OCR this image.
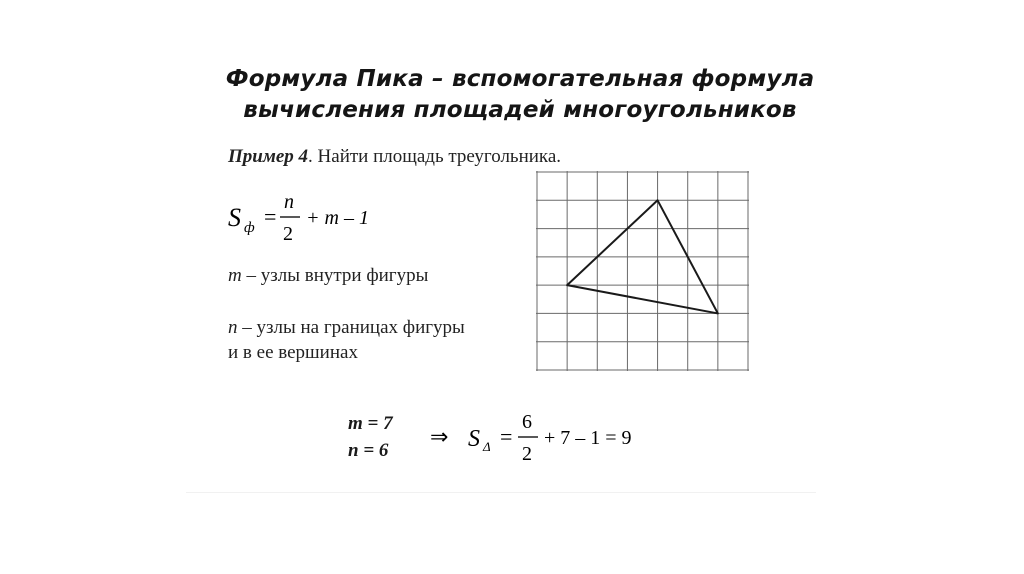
Формула Пика – вспомогательная формула
вычисления площадей многоугольников
Пример 4. Найти площадь треугольника.
S ф =
n
2
+ m – 1
m – узлы внутри фигуры
n – узлы на границах фигуры
и в ее вершинах
m = 7
n = 6
⇒ S Δ =
6
2
+ 7 – 1 = 9
